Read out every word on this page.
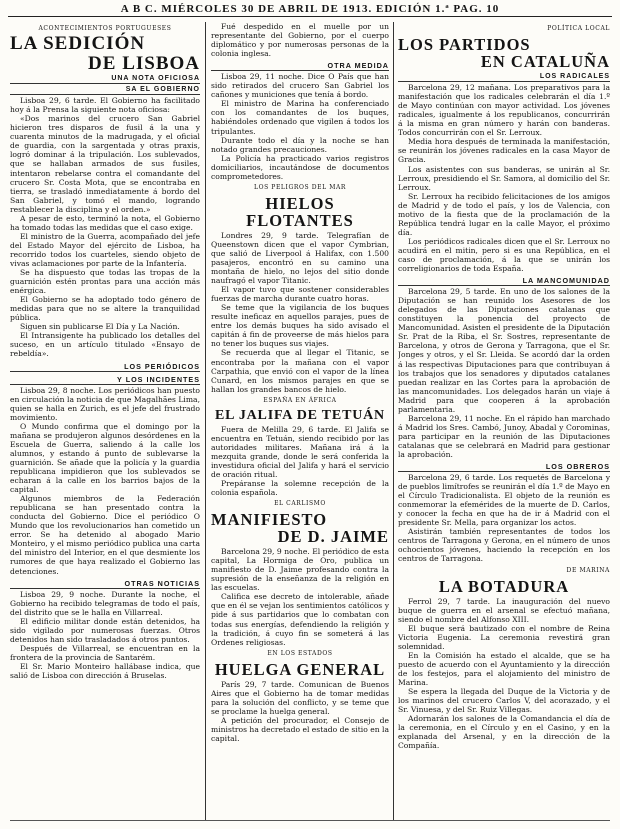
A B C. MIÉRCOLES 30 DE ABRIL DE 1913. EDICIÓN 1.ª PAG. 10
ACONTECIMIENTOS PORTUGUESES
LA SEDICIÓN
DE LISBOA
UNA NOTA OFICIOSA
SA EL GOBIERNO

Lisboa 29, 6 tarde. El Gobierno ha facilitado hoy á la Prensa la siguiente nota oficiosa:

«Dos marinos del crucero San Gabriel hicieron tres disparos de fusil á la una y cuarenta minutos de la madrugada, y el oficial de guardia, con la sargentada y otras praxis, logró dominar á la tripulación. Los sublevados, que se hallaban armados de sus fusiles, intentaron rebelarse contra el comandante del crucero Sr. Costa Mota, que se encontraba en tierra, se trasladó inmediatamente á bordo del San Gabriel, y tomó el mando, logrando restablecer la disciplina y el orden.»

A pesar de esto, terminó la nota, el Gobierno ha tomado todas las medidas que el caso exige.

El ministro de la Guerra, acompañado del jefe del Estado Mayor del ejército de Lisboa, ha recorrido todos los cuarteles, siendo objeto de vivas aclamaciones por parte de la Infantería.

Se ha dispuesto que todas las tropas de la guarnición estén prontas para una acción más enérgica.

El Gobierno se ha adoptado todo género de medidas para que no se altere la tranquilidad pública.

Siguen sin publicarse El Día y La Nación.

El Intransigente ha publicado los detalles del suceso, en un artículo titulado «Ensayo de rebeldía».

LOS PERIÓDICOS
Y LOS INCIDENTES

Lisboa 29, 8 noche. Los periódicos han puesto en circulación la noticia de que Magalhães Lima, quien se halla en Zurich, es el jefe del frustrado movimiento.

O Mundo confirma que el domingo por la mañana se produjeron algunos desórdenes en la Escuela de Guerra, saliendo á la calle los alumnos, y estando á punto de sublevarse la guarnición. Se añade que la policía y la guardia republicana impidieron que los sublevados se echaran á la calle en los barrios bajos de la capital.

Algunos miembros de la Federación republicana se han presentado contra la conducta del Gobierno. Dice el periódico O Mundo que los revolucionarios han cometido un error. Se ha detenido al abogado Mario Monteiro, y el mismo periódico publica una carta del ministro del Interior, en el que desmiente los rumores de que haya realizado el Gobierno las detenciones.

OTRAS NOTICIAS

Lisboa 29, 9 noche. Durante la noche, el Gobierno ha recibido telegramas de todo el país, del distrito que se le halla en Villarreal.

El edificio militar donde están detenidos, ha sido vigilado por numerosas fuerzas. Otros detenidos han sido trasladados á otros puntos.

Después de Villarreal, se encuentran en la frontera de la provincia de Santarém.

El Sr. Mario Monteiro hallábase indica, que salió de Lisboa con dirección á Bruselas.

Fué despedido en el muelle por un representante del Gobierno, por el cuerpo diplomático y por numerosas personas de la colonia inglesa.

OTRA MEDIDA

Lisboa 29, 11 noche. Dice O País que han sido retirados del crucero San Gabriel los cañones y municiones que tenía á bordo.

El ministro de Marina ha conferenciado con los comandantes de los buques, habiéndoles ordenado que vigilen á todos los tripulantes.

Durante todo el día y la noche se han notado grandes precauciones.

La Policía ha practicado varios registros domiciliarios, incautándose de documentos comprometedores.

LOS PELIGROS DEL MAR
HIELOS FLOTANTES

Londres 29, 9 tarde. Telegrafían de Queenstown dicen que el vapor Cymbrian, que salió de Liverpool á Halifax, con 1.500 pasajeros, encontró en su camino una montaña de hielo, no lejos del sitio donde naufragó el vapor Titanic.

El vapor tuvo que sostener considerables fuerzas de marcha durante cuatro horas.

Se teme que la vigilancia de los buques resulte ineficaz en aquellos parajes, pues de entre los demás buques ha sido avisado el capitán á fin de proveerse de más hielos para no tener los buques sus viajes.

Se recuerda que al llegar el Titanic, se encontraba por la mañana con el vapor Carpathia, que envió con el vapor de la línea Cunard, en los mismos parajes en que se hallan los grandes bancos de hielo.

ESPAÑA EN ÁFRICA
EL JALIFA DE TETUÁN

Fuera de Melilla 29, 6 tarde. El Jalifa se encuentra en Tetuán, siendo recibido por las autoridades militares. Mañana irá á la mezquita grande, donde le será conferida la investidura oficial del Jalifa y hará el servicio de oración ritual.

Prepáranse la solemne recepción de la colonia española.

EL CARLISMO
MANIFIESTO
DE D. JAIME

Barcelona 29, 9 noche. El periódico de esta capital, La Hormiga de Oro, publica un manifiesto de D. Jaime profesando contra la supresión de la enseñanza de la religión en las escuelas.

Califica ese decreto de intolerable, añade que en él se vejan los sentimientos católicos y pide á sus partidarios que lo combatan con todas sus energías, defendiendo la religión y la tradición, á cuyo fin se someterá á las Ordenes religiosas.

EN LOS ESTADOS
HUELGA GENERAL

París 29, 7 tarde. Comunican de Buenos Aires que el Gobierno ha de tomar medidas para la solución del conflicto, y se teme que se proclame la huelga general.

A petición del procurador, el Consejo de ministros ha decretado el estado de sitio en la capital.

POLÍTICA LOCAL
LOS PARTIDOS
EN CATALUÑA
LOS RADICALES

Barcelona 29, 12 mañana. Los preparativos para la manifestación que los radicales celebrarán el día 1.º de Mayo continúan con mayor actividad. Los jóvenes radicales, igualmente á los republicanos, concurrirán á la misma en gran número y harán con banderas. Todos concurrirán con el Sr. Lerroux.

Media hora después de terminada la manifestación, se reunirán los jóvenes radicales en la casa Mayor de Gracia.

Los asistentes con sus banderas, se unirán al Sr. Lerroux, presidiendo el Sr. Samora, al domicilio del Sr. Lerroux.

Sr. Lerroux ha recibido felicitaciones de los amigos de Madrid y de todo el país, y los de Valencia, con motivo de la fiesta que de la proclamación de la República tendrá lugar en la calle Mayor, el próximo día.

Los periódicos radicales dicen que el Sr. Lerroux no acudirá en el mitin, pero si es una República, en el caso de proclamación, á la que se unirán los correligionarios de toda España.

LA MANCOMUNIDAD

Barcelona 29, 5 tarde. En uno de los salones de la Diputación se han reunido los Asesores de los delegados de las Diputaciones catalanas que constituyen la ponencia del proyecto de Mancomunidad. Asisten el presidente de la Diputación Sr. Prat de la Riba, el Sr. Sostres, representante de Barcelona, y otros de Gerona y Tarragona, que el Sr. Jonges y otros, y el Sr. Lleida. Se acordó dar la orden á las respectivas Diputaciones para que contribuyan á los trabajos que los senadores y diputados catalanes puedan realizar en las Cortes para la aprobación de las mancomunidades. Los delegados harán un viaje á Madrid para que cooperen á la aprobación parlamentaria.

Barcelona 29, 11 noche. En el rápido han marchado á Madrid los Sres. Cambó, Junoy, Abadal y Corominas, para participar en la reunión de las Diputaciones catalanas que se celebrará en Madrid para gestionar la aprobación.

LOS OBREROS

Barcelona 29, 6 tarde. Los requetés de Barcelona y de pueblos limítrofes se reunirán el día 1.º de Mayo en el Círculo Tradicionalista. El objeto de la reunión es conmemorar la efemérides de la muerte de D. Carlos, y conocer la fecha en que ha de ir á Madrid con el presidente Sr. Mella, para organizar los actos.

Asistirán también representantes de todos los centros de Tarragona y Gerona, en el número de unos ochocientos jóvenes, haciendo la recepción en los centros de Tarragona.

DE MARINA
LA BOTADURA

Ferrol 29, 7 tarde. La inauguración del nuevo buque de guerra en el arsenal se efectuó mañana, siendo el nombre del Alfonso XIII.

El buque será bautizado con el nombre de Reina Victoria Eugenia. La ceremonia revestirá gran solemnidad.

En la Comisión ha estado el alcalde, que se ha puesto de acuerdo con el Ayuntamiento y la dirección de los festejos, para el alojamiento del ministro de Marina.

Se espera la llegada del Duque de la Victoria y de los marinos del crucero Carlos V, del acorazado, y el Sr. Vinuesa, y del Sr. Ruiz Villegas.

Adornarán los salones de la Comandancia el día de la ceremonia, en el Círculo y en el Casino, y en la explanada del Arsenal, y en la dirección de la Compañía.
